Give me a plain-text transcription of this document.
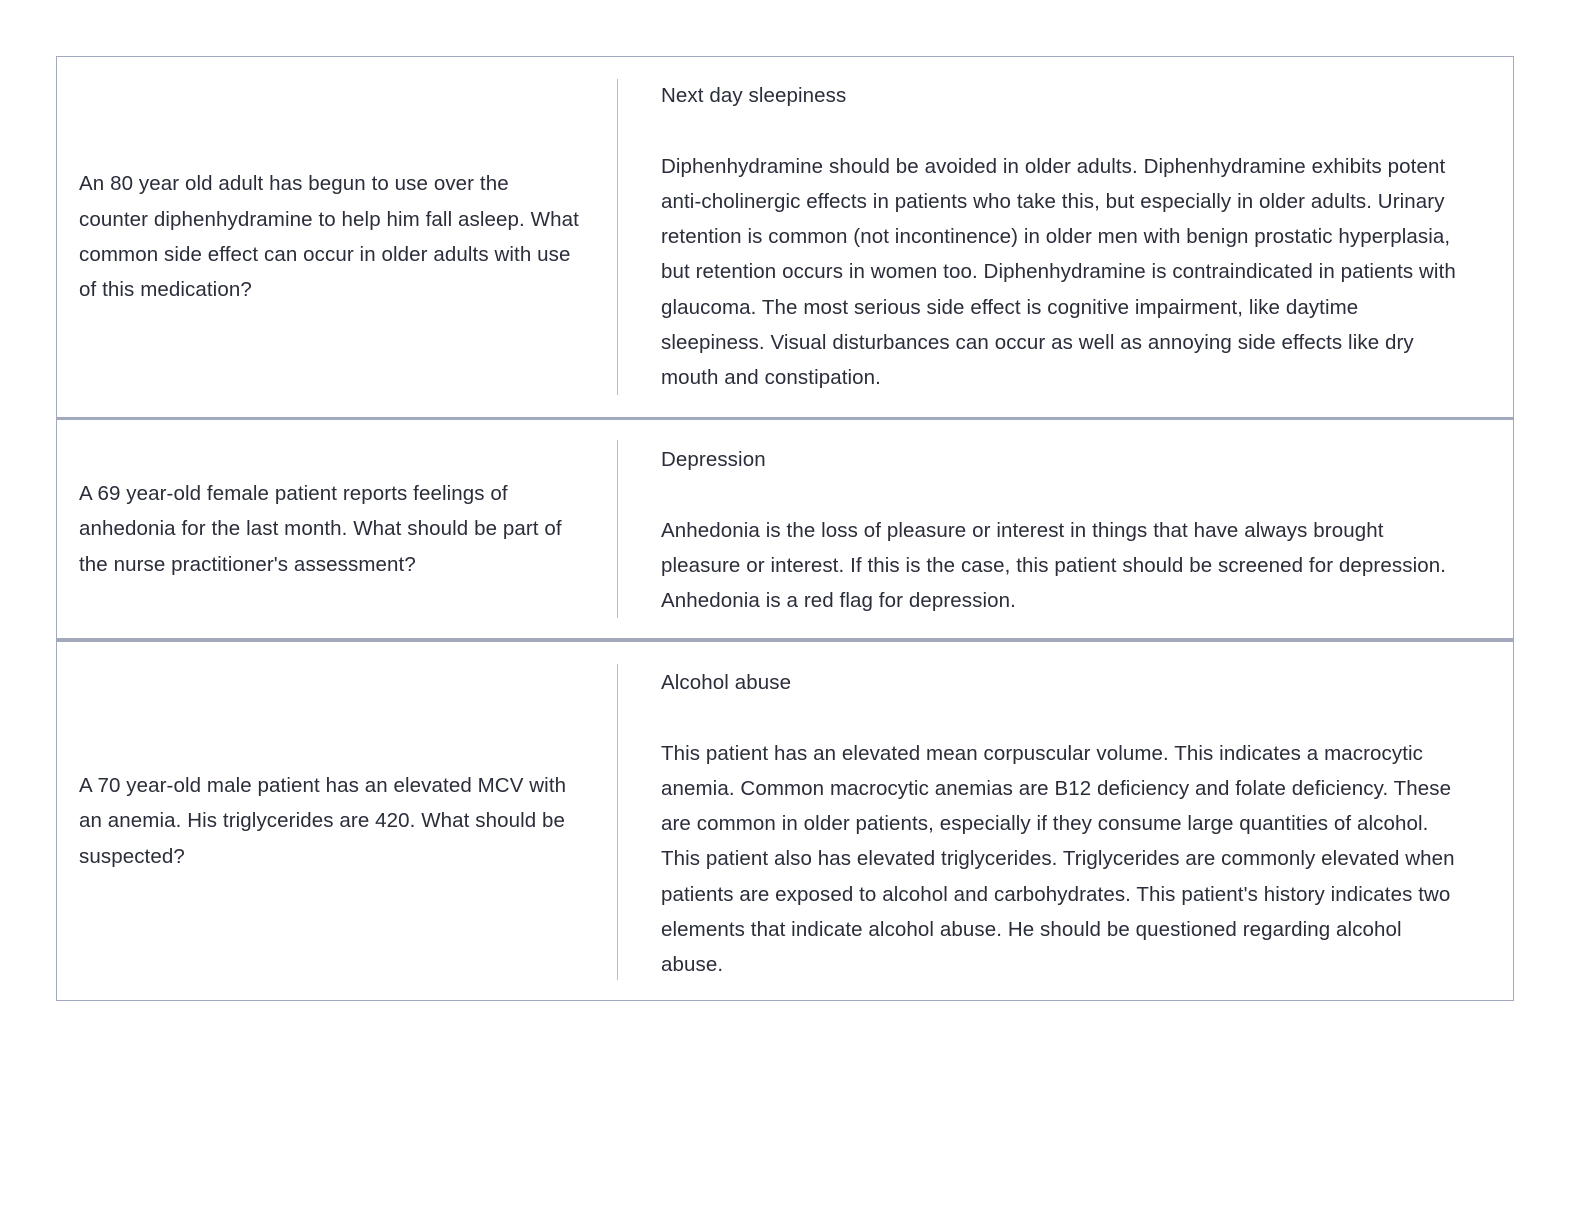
An 80 year old adult has begun to use over the counter diphenhydramine to help him fall asleep. What common side effect can occur in older adults with use of this medication?

Next day sleepiness

Diphenhydramine should be avoided in older adults. Diphenhydramine exhibits potent anti-cholinergic effects in patients who take this, but especially in older adults. Urinary retention is common (not incontinence) in older men with benign prostatic hyperplasia, but retention occurs in women too. Diphenhydramine is contraindicated in patients with glaucoma. The most serious side effect is cognitive impairment, like daytime sleepiness. Visual disturbances can occur as well as annoying side effects like dry mouth and constipation.

A 69 year-old female patient reports feelings of anhedonia for the last month. What should be part of the nurse practitioner's assessment?

Depression

Anhedonia is the loss of pleasure or interest in things that have always brought pleasure or interest. If this is the case, this patient should be screened for depression. Anhedonia is a red flag for depression.

A 70 year-old male patient has an elevated MCV with an anemia. His triglycerides are 420. What should be suspected?

Alcohol abuse

This patient has an elevated mean corpuscular volume. This indicates a macrocytic anemia. Common macrocytic anemias are B12 deficiency and folate deficiency. These are common in older patients, especially if they consume large quantities of alcohol. This patient also has elevated triglycerides. Triglycerides are commonly elevated when patients are exposed to alcohol and carbohydrates. This patient's history indicates two elements that indicate alcohol abuse. He should be questioned regarding alcohol abuse.
